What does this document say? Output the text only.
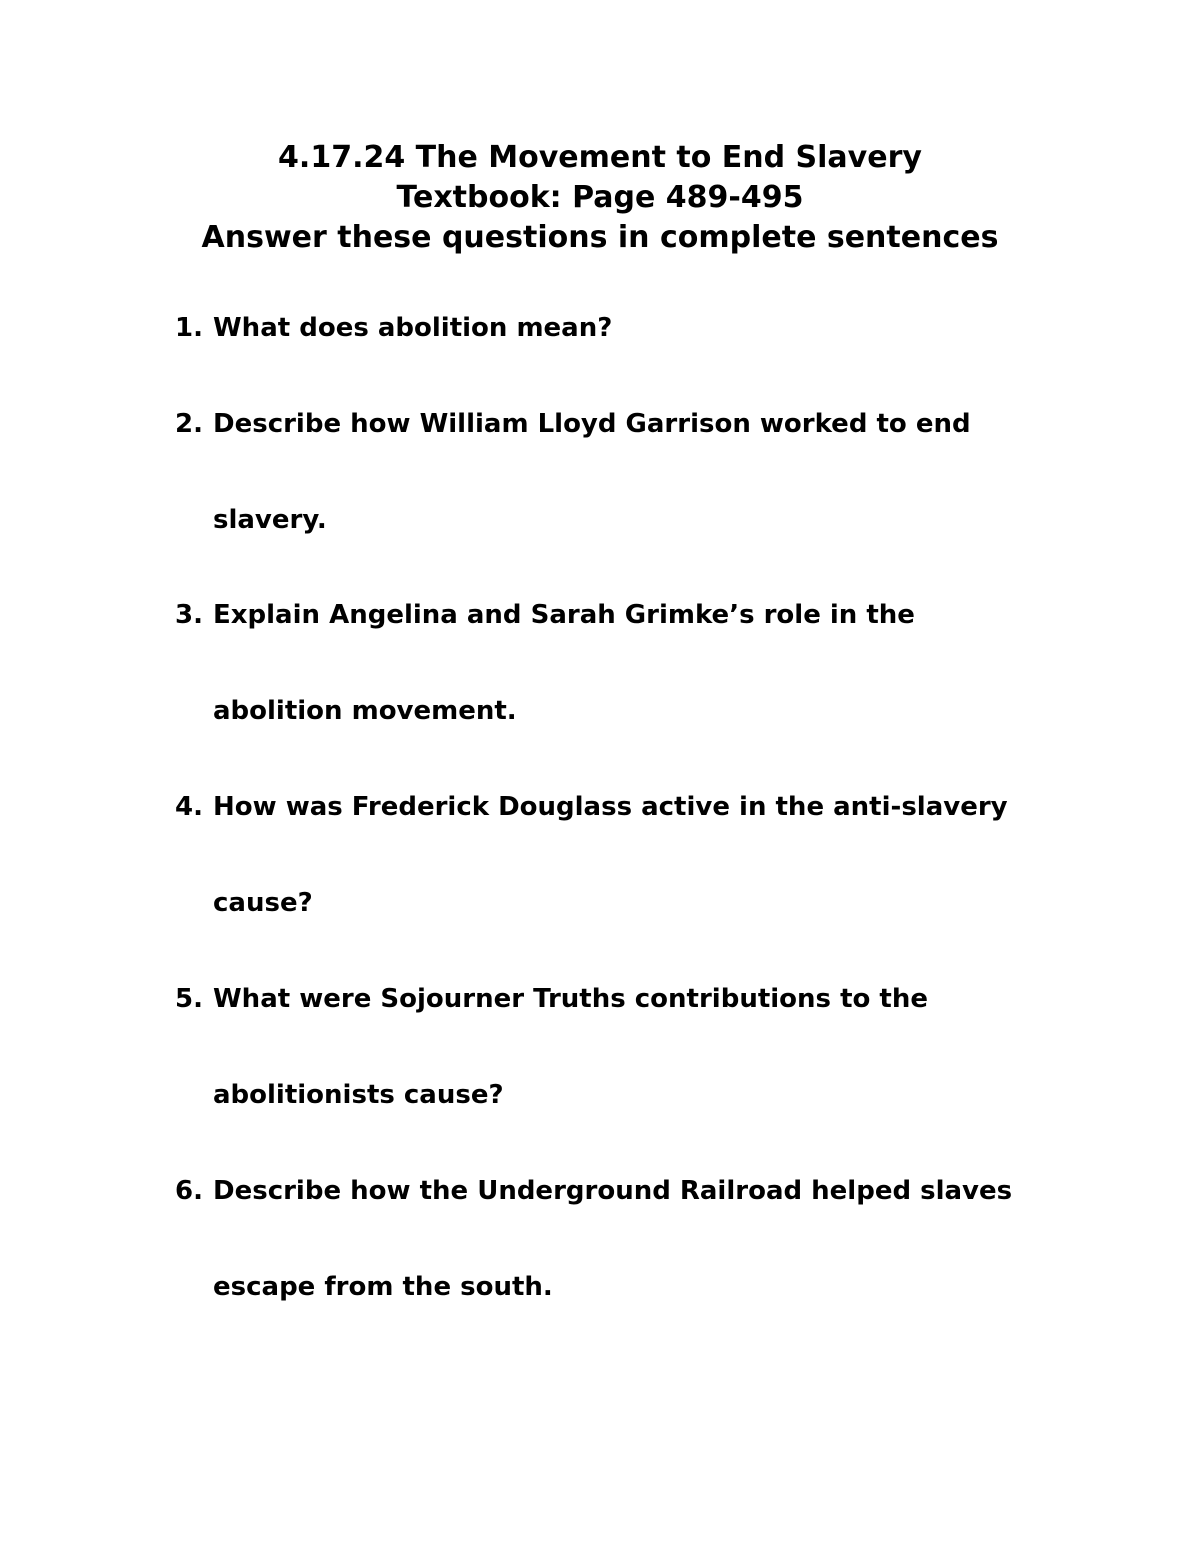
4.17.24 The Movement to End Slavery
Textbook: Page 489-495
Answer these questions in complete sentences
1. What does abolition mean?
2. Describe how William Lloyd Garrison worked to end
slavery.
3. Explain Angelina and Sarah Grimke’s role in the
abolition movement.
4. How was Frederick Douglass active in the anti-slavery
cause?
5. What were Sojourner Truths contributions to the
abolitionists cause?
6. Describe how the Underground Railroad helped slaves
escape from the south.
